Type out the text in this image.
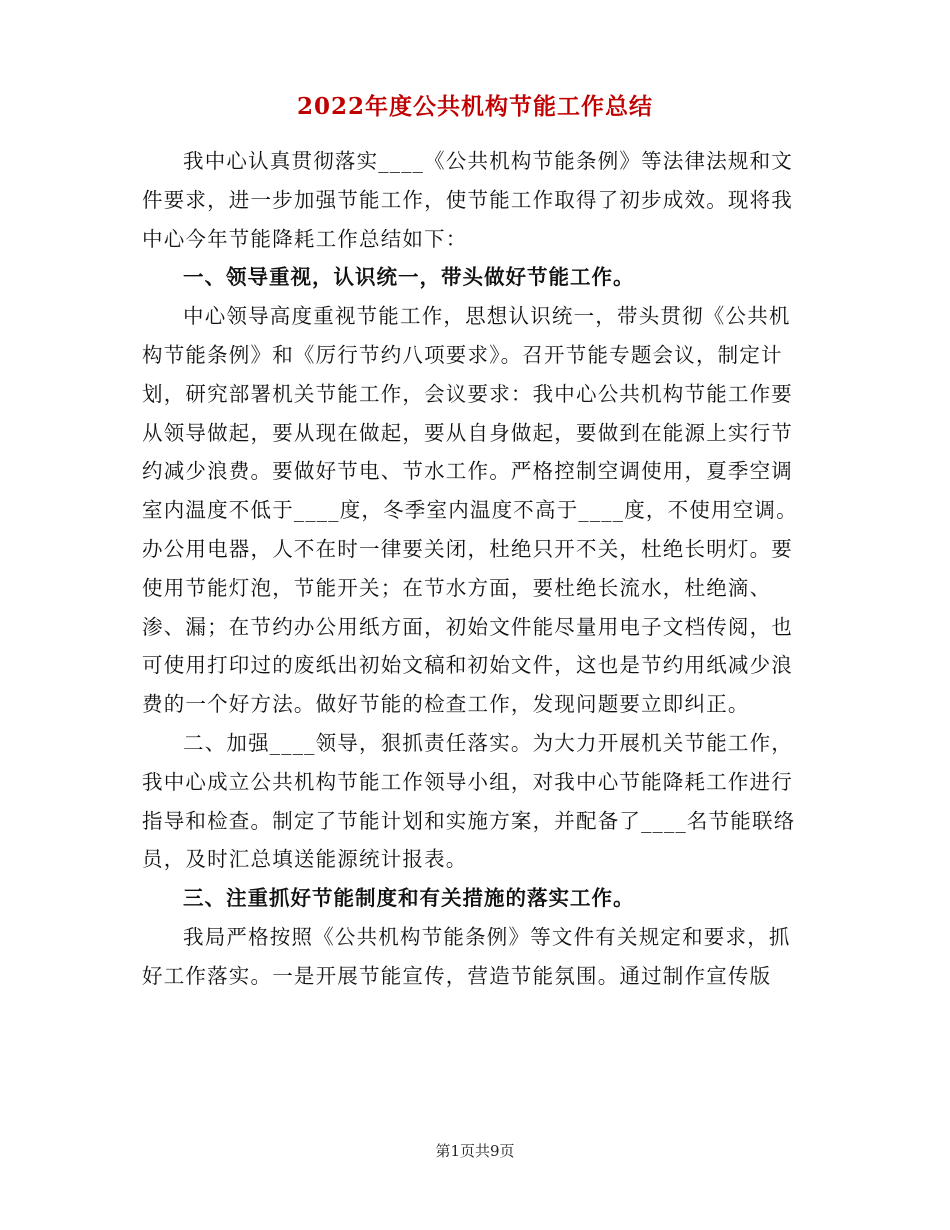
2022年度公共机构节能工作总结

我中心认真贯彻落实____《公共机构节能条例》等法律法规和文件要求，进一步加强节能工作，使节能工作取得了初步成效。现将我中心今年节能降耗工作总结如下：

一、领导重视，认识统一，带头做好节能工作。

中心领导高度重视节能工作，思想认识统一，带头贯彻《公共机构节能条例》和《厉行节约八项要求》。召开节能专题会议，制定计划，研究部署机关节能工作，会议要求：我中心公共机构节能工作要从领导做起，要从现在做起，要从自身做起，要做到在能源上实行节约减少浪费。要做好节电、节水工作。严格控制空调使用，夏季空调室内温度不低于____度，冬季室内温度不高于____度，不使用空调。办公用电器，人不在时一律要关闭，杜绝只开不关，杜绝长明灯。要使用节能灯泡，节能开关；在节水方面，要杜绝长流水，杜绝滴、渗、漏；在节约办公用纸方面，初始文件能尽量用电子文档传阅，也可使用打印过的废纸出初始文稿和初始文件，这也是节约用纸减少浪费的一个好方法。做好节能的检查工作，发现问题要立即纠正。

二、加强____领导，狠抓责任落实。为大力开展机关节能工作，我中心成立公共机构节能工作领导小组，对我中心节能降耗工作进行指导和检查。制定了节能计划和实施方案，并配备了____名节能联络员，及时汇总填送能源统计报表。

三、注重抓好节能制度和有关措施的落实工作。

我局严格按照《公共机构节能条例》等文件有关规定和要求，抓好工作落实。一是开展节能宣传，营造节能氛围。通过制作宣传版

第1页共9页
